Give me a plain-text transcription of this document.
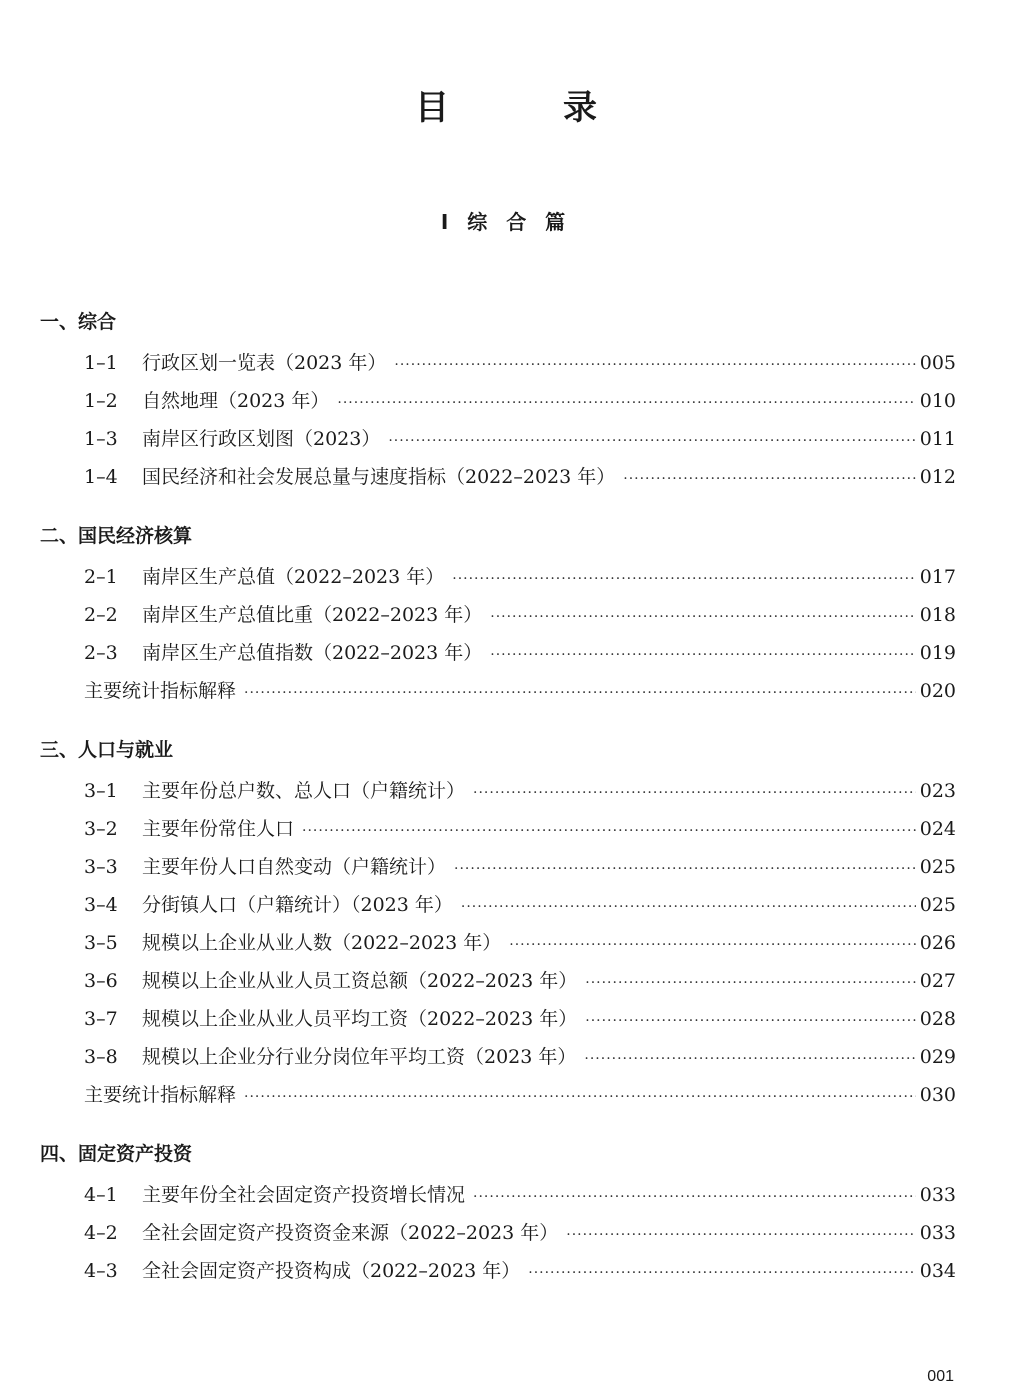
目　录
Ⅰ 综 合 篇
一、综合
1–1	行政区划一览表（2023 年） ·····	005
1–2	自然地理（2023 年） ·····	010
1–3	南岸区行政区划图（2023） ·····	011
1–4	国民经济和社会发展总量与速度指标（2022–2023 年） ·····	012
二、国民经济核算
2–1	南岸区生产总值（2022–2023 年） ·····	017
2–2	南岸区生产总值比重（2022–2023 年） ·····	018
2–3	南岸区生产总值指数（2022–2023 年） ·····	019
主要统计指标解释 ·····	020
三、人口与就业
3–1	主要年份总户数、总人口（户籍统计） ·····	023
3–2	主要年份常住人口 ·····	024
3–3	主要年份人口自然变动（户籍统计） ·····	025
3–4	分街镇人口（户籍统计）（2023 年） ·····	025
3–5	规模以上企业从业人数（2022–2023 年） ·····	026
3–6	规模以上企业从业人员工资总额（2022–2023 年） ·····	027
3–7	规模以上企业从业人员平均工资（2022–2023 年） ·····	028
3–8	规模以上企业分行业分岗位年平均工资（2023 年） ·····	029
主要统计指标解释 ·····	030
四、固定资产投资
4–1	主要年份全社会固定资产投资增长情况 ·····	033
4–2	全社会固定资产投资资金来源（2022–2023 年） ·····	033
4–3	全社会固定资产投资构成（2022–2023 年） ·····	034
001
